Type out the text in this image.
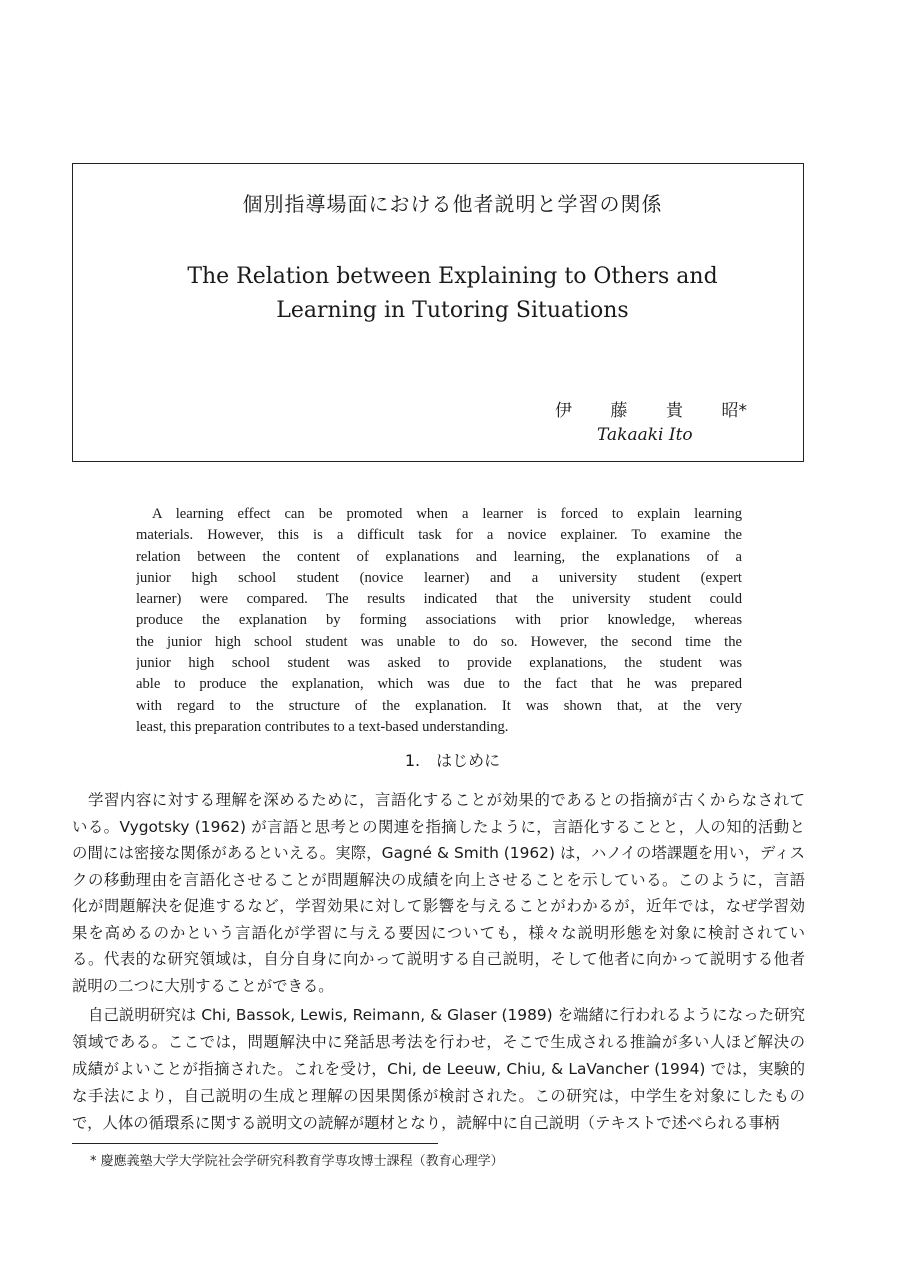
個別指導場面における他者説明と学習の関係
The Relation between Explaining to Others and
Learning in Tutoring Situations
伊 藤 貴 昭*
Takaaki Ito
A learning effect can be promoted when a learner is forced to explain learning
materials. However, this is a difficult task for a novice explainer. To examine the
relation between the content of explanations and learning, the explanations of a
junior high school student (novice learner) and a university student (expert
learner) were compared. The results indicated that the university student could
produce the explanation by forming associations with prior knowledge, whereas
the junior high school student was unable to do so. However, the second time the
junior high school student was asked to provide explanations, the student was
able to produce the explanation, which was due to the fact that he was prepared
with regard to the structure of the explanation. It was shown that, at the very
least, this preparation contributes to a text-based understanding.
1.　はじめに
学習内容に対する理解を深めるために，言語化することが効果的であるとの指摘が古くからなされて
いる。Vygotsky (1962) が言語と思考との関連を指摘したように，言語化することと，人の知的活動と
の間には密接な関係があるといえる。実際，Gagné & Smith (1962) は，ハノイの塔課題を用い，ディス
クの移動理由を言語化させることが問題解決の成績を向上させることを示している。このように，言語
化が問題解決を促進するなど，学習効果に対して影響を与えることがわかるが，近年では，なぜ学習効
果を高めるのかという言語化が学習に与える要因についても，様々な説明形態を対象に検討されてい
る。代表的な研究領域は，自分自身に向かって説明する自己説明，そして他者に向かって説明する他者
説明の二つに大別することができる。
自己説明研究は Chi, Bassok, Lewis, Reimann, & Glaser (1989) を端緒に行われるようになった研究
領域である。ここでは，問題解決中に発話思考法を行わせ，そこで生成される推論が多い人ほど解決の
成績がよいことが指摘された。これを受け，Chi, de Leeuw, Chiu, & LaVancher (1994) では，実験的
な手法により，自己説明の生成と理解の因果関係が検討された。この研究は，中学生を対象にしたもの
で，人体の循環系に関する説明文の読解が題材となり，読解中に自己説明（テキストで述べられる事柄
* 慶應義塾大学大学院社会学研究科教育学専攻博士課程（教育心理学）
